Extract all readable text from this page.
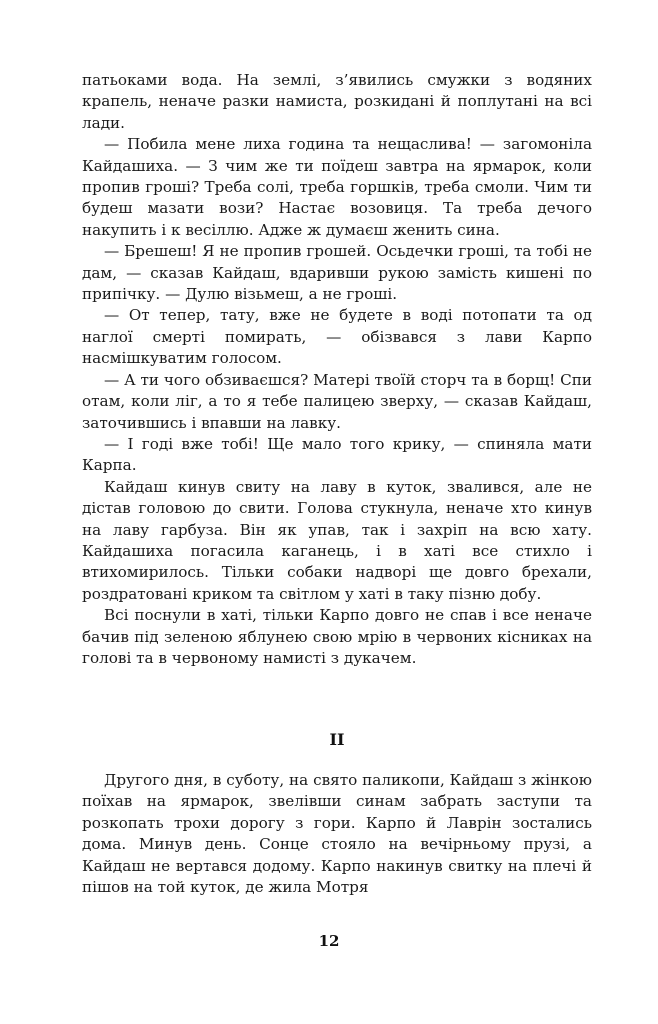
патьоками вода. На землі, з’явились смужки з водяних крапель, неначе разки намиста, розкидані й поплутані на всі лади.

— Побила мене лиха година та нещаслива! — загомоніла Кайдашиха. — З чим же ти поїдеш завтра на ярмарок, коли пропив гроші? Треба солі, треба горшків, треба смоли. Чим ти будеш мазати вози? Настає возовиця. Та треба дечого накупить і к весіллю. Адже ж думаєш женить сина.

— Брешеш! Я не пропив грошей. Осьдечки гроші, та тобі не дам, — сказав Кайдаш, вдаривши рукою замість кишені по припічку. — Дулю візьмеш, а не гроші.

— От тепер, тату, вже не будете в воді потопати та од наглої смерті помирать, — обізвався з лави Карпо насмішкуватим голосом.

— А ти чого обзиваєшся? Матері твоїй сторч та в борщ! Спи отам, коли ліг, а то я тебе палицею зверху, — сказав Кайдаш, заточившись і впавши на лавку.

— І годі вже тобі! Ще мало того крику, — спиняла мати Карпа.

Кайдаш кинув свиту на лаву в куток, звалився, але не дістав головою до свити. Голова стукнула, неначе хто кинув на лаву гарбуза. Він як упав, так і захріп на всю хату. Кайдашиха погасила каганець, і в хаті все стихло і втихомирилось. Тільки собаки надворі ще довго брехали, роздратовані криком та світлом у хаті в таку пізню добу.

Всі поснули в хаті, тільки Карпо довго не спав і все неначе бачив під зеленою яблунею свою мрію в червоних кісниках на голові та в червоному намисті з дукачем.

II

Другого дня, в суботу, на свято паликопи, Кайдаш з жінкою поїхав на ярмарок, звелівши синам забрать заступи та розкопать трохи дорогу з гори. Карпо й Лаврін зостались дома. Минув день. Сонце стояло на вечірньому прузі, а Кайдаш не вертався додому. Карпо накинув свитку на плечі й пішов на той куток, де жила Мотря

12
